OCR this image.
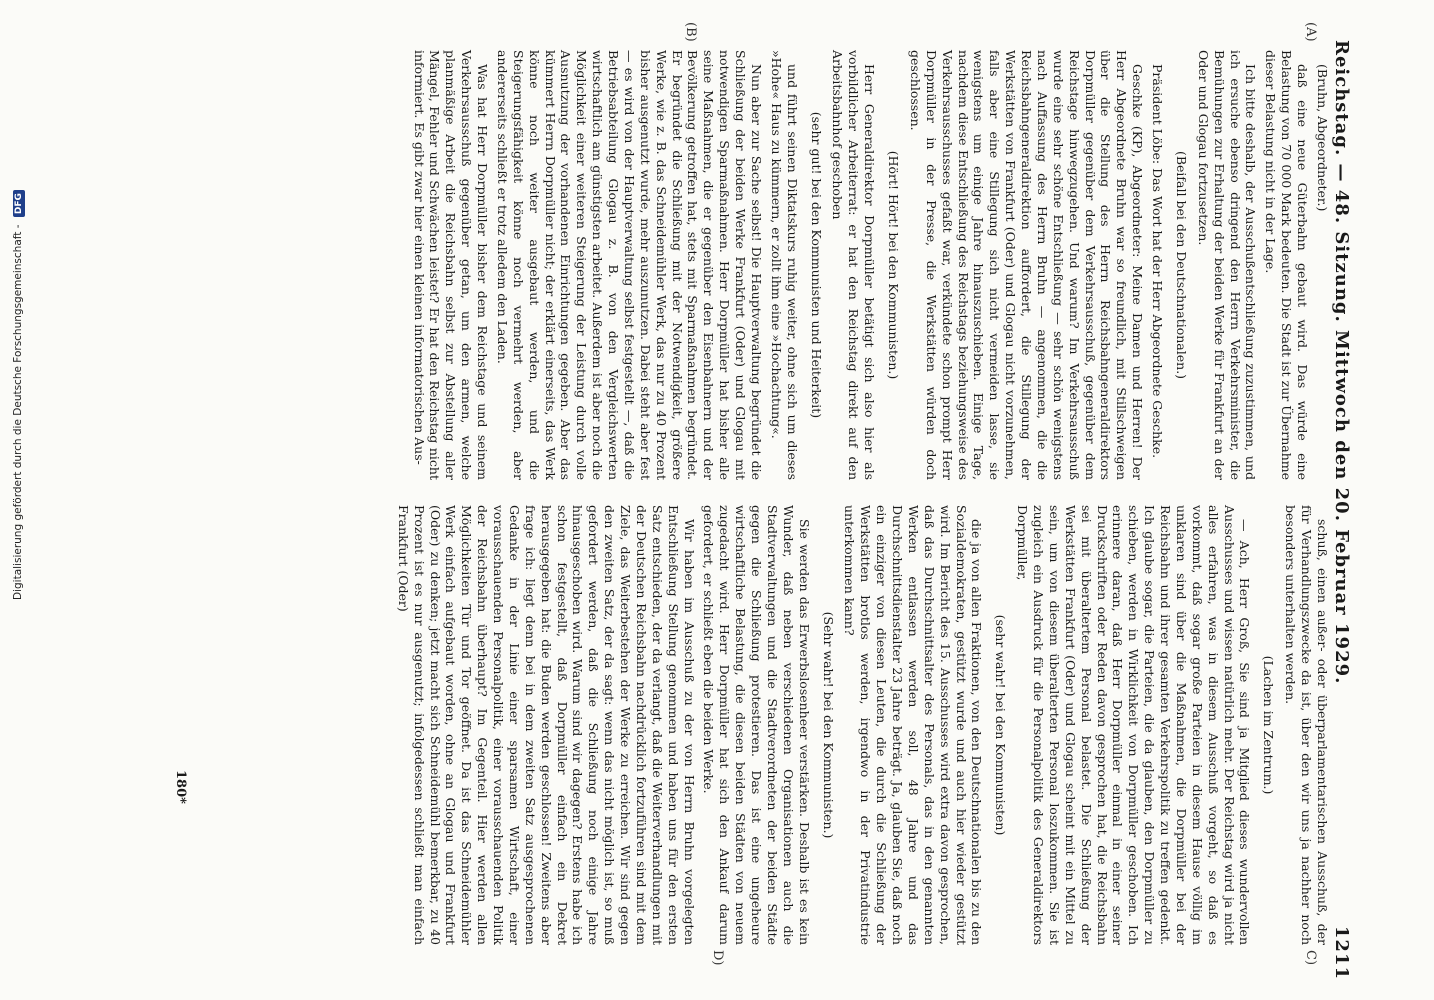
Reichstag. — 48. Sitzung. Mittwoch den 20. Februar 1929.
1211
(A)
(B)
C)
D)

(Bruhn, Abgeordneter.)

daß eine neue Güterbahn gebaut wird. Das würde eine Belastung von 70 000 Mark bedeuten. Die Stadt ist zur Übernahme dieser Belastung nicht in der Lage.

Ich bitte deshalb, der Ausschußentschließung zuzustimmen, und ich ersuche ebenso dringend den Herrn Verkehrsminister, die Bemühungen zur Erhaltung der beiden Werke für Frankfurt an der Oder und Glogau fortzusetzen.

(Beifall bei den Deutschnationalen.)

Präsident Löbe: Das Wort hat der Herr Abgeordnete Geschke.

Geschke (KP), Abgeordneter: Meine Damen und Herren! Der Herr Abgeordnete Bruhn war so freundlich, mit Stillschweigen über die Stellung des Herrn Reichsbahngeneraldirektors Dorpmüller gegenüber dem Verkehrsausschuß, gegenüber dem Reichstage hinwegzugehen. Und warum? Im Verkehrsausschuß wurde eine sehr schöne Entschließung — sehr schön wenigstens nach Auffassung des Herrn Bruhn — angenommen, die die Reichsbahngeneraldirektion auffordert, die Stillegung der Werkstätten von Frankfurt (Oder) und Glogau nicht vorzunehmen, falls aber eine Stillegung sich nicht vermeiden lasse, sie wenigstens um einige Jahre hinauszuschieben. Einige Tage, nachdem diese Entschließung des Reichstags beziehungsweise des Verkehrsausschusses gefaßt war, verkündete schon prompt Herr Dorpmüller in der Presse, die Werkstätten würden doch geschlossen.

(Hört! Hört! bei den Kommunisten.)

Herr Generaldirektor Dorpmüller betätigt sich also hier als vorbildlicher Arbeiterrat: er hat den Reichstag direkt auf den Arbeitsbahnhof geschoben

(sehr gut! bei den Kommunisten und Heiterkeit)

und führt seinen Diktatskurs ruhig weiter, ohne sich um dieses »Hohe« Haus zu kümmern, er zollt ihm eine »Hochachtung«.

Nun aber zur Sache selbst! Die Hauptverwaltung begründet die Schließung der beiden Werke Frankfurt (Oder) und Glogau mit notwendigen Sparmaßnahmen. Herr Dorpmüller hat bisher alle seine Maßnahmen, die er gegenüber den Eisenbahnern und der Bevölkerung getroffen hat, stets mit Sparmaßnahmen begründet. Er begründet die Schließung mit der Notwendigkeit, größere Werke, wie z. B. das Schneidemühler Werk, das nur zu 40 Prozent bisher ausgenutzt wurde, mehr auszunutzen. Dabei steht aber fest — es wird von der Hauptverwaltung selbst festgestellt —, daß die Betriebsabteilung Glogau z. B. von den Vergleichswerten wirtschaftlich am günstigsten arbeitet. Außerdem ist aber noch die Möglichkeit einer weiteren Steigerung der Leistung durch volle Ausnutzung der vorhandenen Einrichtungen gegeben. Aber das kümmert Herrn Dorpmüller nicht; der erklärt einerseits, das Werk könne noch weiter ausgebaut werden, und die Steigerungsfähigkeit könne noch vermehrt werden, aber andererseits schließt er trotz alledem den Laden.

Was hat Herr Dorpmüller bisher dem Reichstage und seinem Verkehrsausschuß gegenüber getan, um den armen, welche planmäßige Arbeit die Reichsbahn selbst zur Abstellung aller Mängel, Fehler und Schwächen leistet? Er hat den Reichstag nicht informiert. Es gibt zwar hier einen kleinen informatorischen Aus-

schuß, einen außer- oder überparlamentarischen Ausschuß, der für Verhandlungszwecke da ist, über den wir uns ja nachher noch besonders unterhalten werden.

(Lachen im Zentrum.)

— Ach, Herr Groß, Sie sind ja Mitglied dieses wundervollen Ausschusses und wissen natürlich mehr. Der Reichstag wird ja nicht alles erfahren, was in diesem Ausschuß vorgeht, so daß es vorkommt, daß sogar große Parteien in diesem Hause völlig im unklaren sind über die Maßnahmen, die Dorpmüller bei der Reichsbahn und ihrer gesamten Verkehrspolitik zu treffen gedenkt. Ich glaube sogar, die Parteien, die da glauben, den Dorpmüller zu schieben, werden in Wirklichkeit von Dorpmüller geschoben. Ich erinnere daran, daß Herr Dorpmüller einmal in einer seiner Druckschriften oder Reden davon gesprochen hat, die Reichsbahn sei mit überaltertem Personal belastet. Die Schließung der Werkstätten Frankfurt (Oder) und Glogau scheint mit ein Mittel zu sein, um von diesem überalterten Personal loszukommen. Sie ist zugleich ein Ausdruck für die Personalpolitik des Generaldirektors Dorpmüller,

(sehr wahr! bei den Kommunisten)

die ja von allen Fraktionen, von den Deutschnationalen bis zu den Sozialdemokraten, gestützt wurde und auch hier wieder gestützt wird. Im Bericht des 15. Ausschusses wird extra davon gesprochen, daß das Durchschnittsalter des Personals, das in den genannten Werken entlassen werden soll, 48 Jahre und das Durchschnittsdienstalter 23 Jahre beträgt. Ja, glauben Sie, daß noch ein einziger von diesen Leuten, die durch die Schließung der Werkstätten brotlos werden, irgendwo in der Privatindustrie unterkommen kann?

(Sehr wahr! bei den Kommunisten.)

Sie werden das Erwerbslosenheer verstärken. Deshalb ist es kein Wunder, daß neben verschiedenen Organisationen auch die Stadtverwaltungen und die Stadtverordneten der beiden Städte gegen die Schließung protestieren. Das ist eine ungeheure wirtschaftliche Belastung, die diesen beiden Städten von neuem zugedacht wird. Herr Dorpmüller hat sich den Ankauf darum gefordert, er schließt eben die beiden Werke.

Wir haben im Ausschuß zu der von Herrn Bruhn vorgelegten Entschließung Stellung genommen und haben uns für den ersten Satz entschieden, der da verlangt, daß die Weiterverhandlungen mit der Deutschen Reichsbahn nachdrücklich fortzuführen sind mit dem Ziele, das Weiterbestehen der Werke zu erreichen. Wir sind gegen den zweiten Satz, der da sagt: wenn das nicht möglich ist, so muß gefordert werden, daß die Schließung noch einige Jahre hinausgeschoben wird. Warum sind wir dagegen? Erstens habe ich schon festgestellt, daß Dorpmüller einfach ein Dekret herausgegeben hat: die Buden werden geschlossen! Zweitens aber frage ich: liegt denn bei in dem zweiten Satz ausgesprochenen Gedanke in der Linie einer sparsamen Wirtschaft, einer vorausschauenden Personalpolitik, einer vorausschauenden Politik der Reichsbahn überhaupt? Im Gegenteil. Hier werden allen Möglichkeiten Tür und Tor geöffnet. Da ist das Schneidemühler Werk einfach aufgebaut worden, ohne an Glogau und Frankfurt (Oder) zu denken; jetzt macht sich Schneidemühl bemerkbar, zu 40 Prozent ist es nur ausgenutzt; infolgedessen schließt man einfach Frankfurt (Oder)

180*
Digitalisierung gefördert durch die Deutsche Forschungsgemeinschaft - DFG
